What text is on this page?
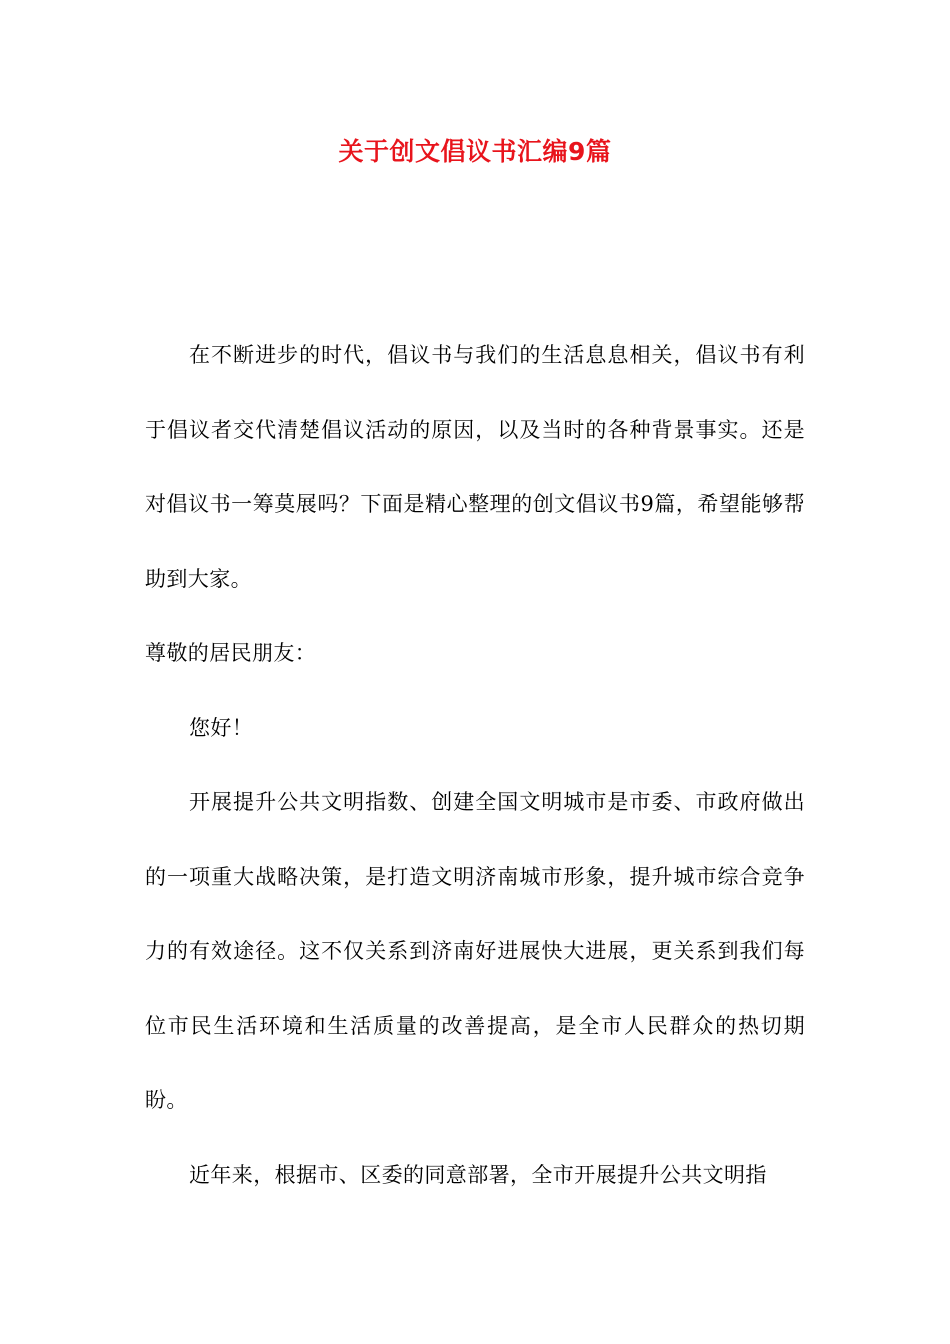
关于创文倡议书汇编9篇

在不断进步的时代，倡议书与我们的生活息息相关，倡议书有利于倡议者交代清楚倡议活动的原因，以及当时的各种背景事实。还是对倡议书一筹莫展吗？下面是精心整理的创文倡议书9篇，希望能够帮助到大家。

尊敬的居民朋友：

您好！

开展提升公共文明指数、创建全国文明城市是市委、市政府做出的一项重大战略决策，是打造文明济南城市形象，提升城市综合竞争力的有效途径。这不仅关系到济南好进展快大进展，更关系到我们每位市民生活环境和生活质量的改善提高，是全市人民群众的热切期盼。

近年来，根据市、区委的同意部署，全市开展提升公共文明指
